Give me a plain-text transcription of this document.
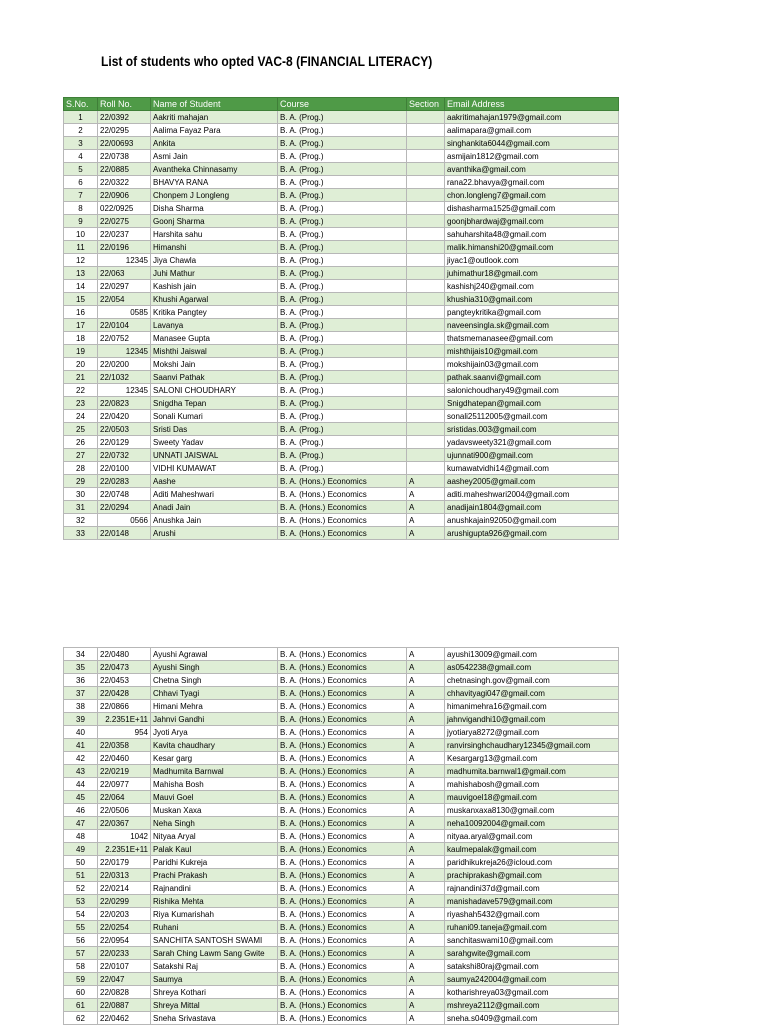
List of students who opted VAC-8 (FINANCIAL LITERACY)
S.No.	Roll No.	Name of Student	Course	Section	Email Address
1	22/0392	Aakriti mahajan	B. A. (Prog.)		aakritimahajan1979@gmail.com
2	22/0295	Aalima Fayaz Para	B. A. (Prog.)		aalimapara@gmail.com
3	22/00693	Ankita	B. A. (Prog.)		singhankita6044@gmail.com
4	22/0738	Asmi Jain	B. A. (Prog.)		asmijain1812@gmail.com
5	22/0885	Avantheka Chinnasamy	B. A. (Prog.)		avanthika@gmail.com
6	22/0322	BHAVYA RANA	B. A. (Prog.)		rana22.bhavya@gmail.com
7	22/0906	Chonpem J Longleng	B. A. (Prog.)		chon.longleng7@gmail.com
8	022/0925	Disha Sharma	B. A. (Prog.)		dishasharma1525@gmail.com
9	22/0275	Goonj Sharma	B. A. (Prog.)		goonjbhardwaj@gmail.com
10	22/0237	Harshita sahu	B. A. (Prog.)		sahuharshita48@gmail.com
11	22/0196	Himanshi	B. A. (Prog.)		malik.himanshi20@gmail.com
12	12345	Jiya Chawla	B. A. (Prog.)		jiyac1@outlook.com
13	22/063	Juhi Mathur	B. A. (Prog.)		juhimathur18@gmail.com
14	22/0297	Kashish jain	B. A. (Prog.)		kashishj240@gmail.com
15	22/054	Khushi Agarwal	B. A. (Prog.)		khushia310@gmail.com
16	0585	Kritika Pangtey	B. A. (Prog.)		pangteykritika@gmail.com
17	22/0104	Lavanya	B. A. (Prog.)		naveensingla.sk@gmail.com
18	22/0752	Manasee Gupta	B. A. (Prog.)		thatsmemanasee@gmail.com
19	12345	Mishthi Jaiswal	B. A. (Prog.)		mishthijais10@gmail.com
20	22/0200	Mokshi Jain	B. A. (Prog.)		mokshijain03@gmail.com
21	22/1032	Saanvi Pathak	B. A. (Prog.)		pathak.saanvi@gmail.com
22	12345	SALONI CHOUDHARY	B. A. (Prog.)		salonichoudhary49@gmail.com
23	22/0823	Snigdha Tepan	B. A. (Prog.)		Snigdhatepan@gmail.com
24	22/0420	Sonali Kumari	B. A. (Prog.)		sonali25112005@gmail.com
25	22/0503	Sristi Das	B. A. (Prog.)		sristidas.003@gmail.com
26	22/0129	Sweety Yadav	B. A. (Prog.)		yadavsweety321@gmail.com
27	22/0732	UNNATI JAISWAL	B. A. (Prog.)		ujunnati900@gmail.com
28	22/0100	VIDHI KUMAWAT	B. A. (Prog.)		kumawatvidhi14@gmail.com
29	22/0283	Aashe	B. A. (Hons.) Economics	A	aashey2005@gmail.com
30	22/0748	Aditi Maheshwari	B. A. (Hons.) Economics	A	aditi.maheshwari2004@gmail.com
31	22/0294	Anadi Jain	B. A. (Hons.) Economics	A	anadijain1804@gmail.com
32	0566	Anushka Jain	B. A. (Hons.) Economics	A	anushkajain92050@gmail.com
33	22/0148	Arushi	B. A. (Hons.) Economics	A	arushigupta926@gmail.com
34	22/0480	Ayushi Agrawal	B. A. (Hons.) Economics	A	ayushi13009@gmail.com
35	22/0473	Ayushi Singh	B. A. (Hons.) Economics	A	as0542238@gmail.com
36	22/0453	Chetna Singh	B. A. (Hons.) Economics	A	chetnasingh.gov@gmail.com
37	22/0428	Chhavi Tyagi	B. A. (Hons.) Economics	A	chhavityagi047@gmail.com
38	22/0866	Himani Mehra	B. A. (Hons.) Economics	A	himanimehra16@gmail.com
39	2.2351E+11	Jahnvi Gandhi	B. A. (Hons.) Economics	A	jahnvigandhi10@gmail.com
40	954	Jyoti Arya	B. A. (Hons.) Economics	A	jyotiarya8272@gmail.com
41	22/0358	Kavita chaudhary	B. A. (Hons.) Economics	A	ranvirsinghchaudhary12345@gmail.com
42	22/0460	Kesar garg	B. A. (Hons.) Economics	A	Kesargarg13@gmail.com
43	22/0219	Madhumita Barnwal	B. A. (Hons.) Economics	A	madhumita.barnwal1@gmail.com
44	22/0977	Mahisha Bosh	B. A. (Hons.) Economics	A	mahishabosh@gmail.com
45	22/064	Mauvi Goel	B. A. (Hons.) Economics	A	mauvigoel18@gmail.com
46	22/0506	Muskan Xaxa	B. A. (Hons.) Economics	A	muskanxaxa8130@gmail.com
47	22/0367	Neha Singh	B. A. (Hons.) Economics	A	neha10092004@gmail.com
48	1042	Nityaa Aryal	B. A. (Hons.) Economics	A	nityaa.aryal@gmail.com
49	2.2351E+11	Palak Kaul	B. A. (Hons.) Economics	A	kaulmepalak@gmail.com
50	22/0179	Paridhi Kukreja	B. A. (Hons.) Economics	A	paridhikukreja26@icloud.com
51	22/0313	Prachi Prakash	B. A. (Hons.) Economics	A	prachiprakash@gmail.com
52	22/0214	Rajnandini	B. A. (Hons.) Economics	A	rajnandini37d@gmail.com
53	22/0299	Rishika Mehta	B. A. (Hons.) Economics	A	manishadave579@gmail.com
54	22/0203	Riya Kumarishah	B. A. (Hons.) Economics	A	riyashah5432@gmail.com
55	22/0254	Ruhani	B. A. (Hons.) Economics	A	ruhani09.taneja@gmail.com
56	22/0954	SANCHITA SANTOSH SWAMI	B. A. (Hons.) Economics	A	sanchitaswami10@gmail.com
57	22/0233	Sarah Ching Lawm Sang Gwite	B. A. (Hons.) Economics	A	sarahgwite@gmail.com
58	22/0107	Satakshi Raj	B. A. (Hons.) Economics	A	satakshi80raj@gmail.com
59	22/047	Saumya	B. A. (Hons.) Economics	A	saumya242004@gmail.com
60	22/0828	Shreya Kothari	B. A. (Hons.) Economics	A	kotharishreya03@gmail.com
61	22/0887	Shreya Mittal	B. A. (Hons.) Economics	A	mshreya2112@gmail.com
62	22/0462	Sneha Srivastava	B. A. (Hons.) Economics	A	sneha.s0409@gmail.com
